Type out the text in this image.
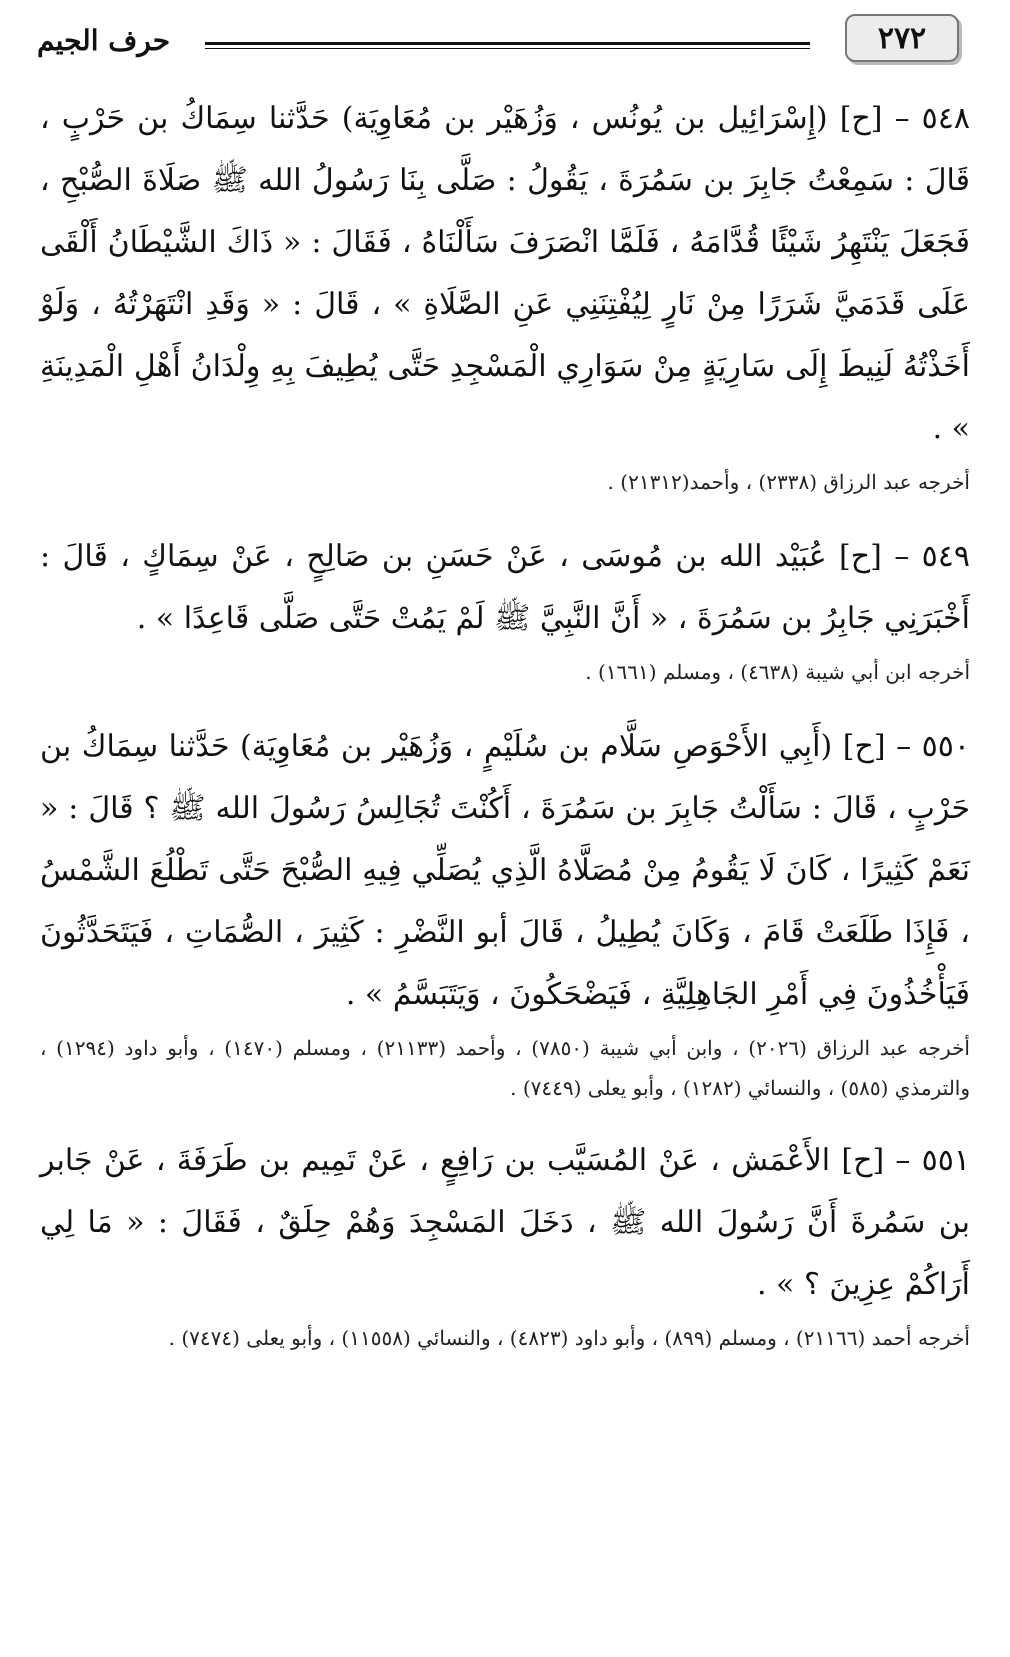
٢٧٢
حرف الجيم

٥٤٨ – [ح] (إِسْرَائِيل بن يُونُس ، وَزُهَيْر بن مُعَاوِيَة) حَدَّثنا سِمَاكُ بن حَرْبٍ ، قَالَ : سَمِعْتُ جَابِرَ بن سَمُرَةَ ، يَقُولُ : صَلَّى بِنَا رَسُولُ الله ﷺ صَلَاةَ الصُّبْحِ ، فَجَعَلَ يَنْتَهِرُ شَيْئًا قُدَّامَهُ ، فَلَمَّا انْصَرَفَ سَأَلْنَاهُ ، فَقَالَ : « ذَاكَ الشَّيْطَانُ أَلْقَى عَلَى قَدَمَيَّ شَرَرًا مِنْ نَارٍ لِيُفْتِنَنِي عَنِ الصَّلَاةِ » ، قَالَ : « وَقَدِ انْتَهَرْتُهُ ، وَلَوْ أَخَذْتُهُ لَنِيطَ إِلَى سَارِيَةٍ مِنْ سَوَارِي الْمَسْجِدِ حَتَّى يُطِيفَ بِهِ وِلْدَانُ أَهْلِ الْمَدِينَةِ » .

أخرجه عبد الرزاق (٢٣٣٨) ، وأحمد(٢١٣١٢) .

٥٤٩ – [ح] عُبَيْد الله بن مُوسَى ، عَنْ حَسَنِ بن صَالِحٍ ، عَنْ سِمَاكٍ ، قَالَ : أَخْبَرَنِي جَابِرُ بن سَمُرَةَ ، « أَنَّ النَّبِيَّ ﷺ لَمْ يَمُتْ حَتَّى صَلَّى قَاعِدًا » .

أخرجه ابن أبي شيبة (٤٦٣٨) ، ومسلم (١٦٦١) .

٥٥٠ – [ح] (أَبِي الأَحْوَصِ سَلَّام بن سُلَيْمٍ ، وَزُهَيْر بن مُعَاوِيَة) حَدَّثنا سِمَاكُ بن حَرْبٍ ، قَالَ : سَأَلْتُ جَابِرَ بن سَمُرَةَ ، أَكُنْتَ تُجَالِسُ رَسُولَ الله ﷺ ؟ قَالَ : « نَعَمْ كَثِيرًا ، كَانَ لَا يَقُومُ مِنْ مُصَلَّاهُ الَّذِي يُصَلِّي فِيهِ الصُّبْحَ حَتَّى تَطْلُعَ الشَّمْسُ ، فَإِذَا طَلَعَتْ قَامَ ، وَكَانَ يُطِيلُ ، قَالَ أبو النَّضْرِ : كَثِيرَ ، الصُّمَاتِ ، فَيَتَحَدَّثُونَ فَيَأْخُذُونَ فِي أَمْرِ الجَاهِلِيَّةِ ، فَيَضْحَكُونَ ، وَيَتَبَسَّمُ » .

أخرجه عبد الرزاق (٢٠٢٦) ، وابن أبي شيبة (٧٨٥٠) ، وأحمد (٢١١٣٣) ، ومسلم (١٤٧٠) ، وأبو داود (١٢٩٤) ، والترمذي (٥٨٥) ، والنسائي (١٢٨٢) ، وأبو يعلى (٧٤٤٩) .

٥٥١ – [ح] الأَعْمَش ، عَنْ المُسَيَّب بن رَافِعٍ ، عَنْ تَمِيم بن طَرَفَةَ ، عَنْ جَابر بن سَمُرةَ أَنَّ رَسُولَ الله ﷺ ، دَخَلَ المَسْجِدَ وَهُمْ حِلَقٌ ، فَقَالَ : « مَا لِي أَرَاكُمْ عِزِينَ ؟ » .

أخرجه أحمد (٢١١٦٦) ، ومسلم (٨٩٩) ، وأبو داود (٤٨٢٣) ، والنسائي (١١٥٥٨) ، وأبو يعلى (٧٤٧٤) .
